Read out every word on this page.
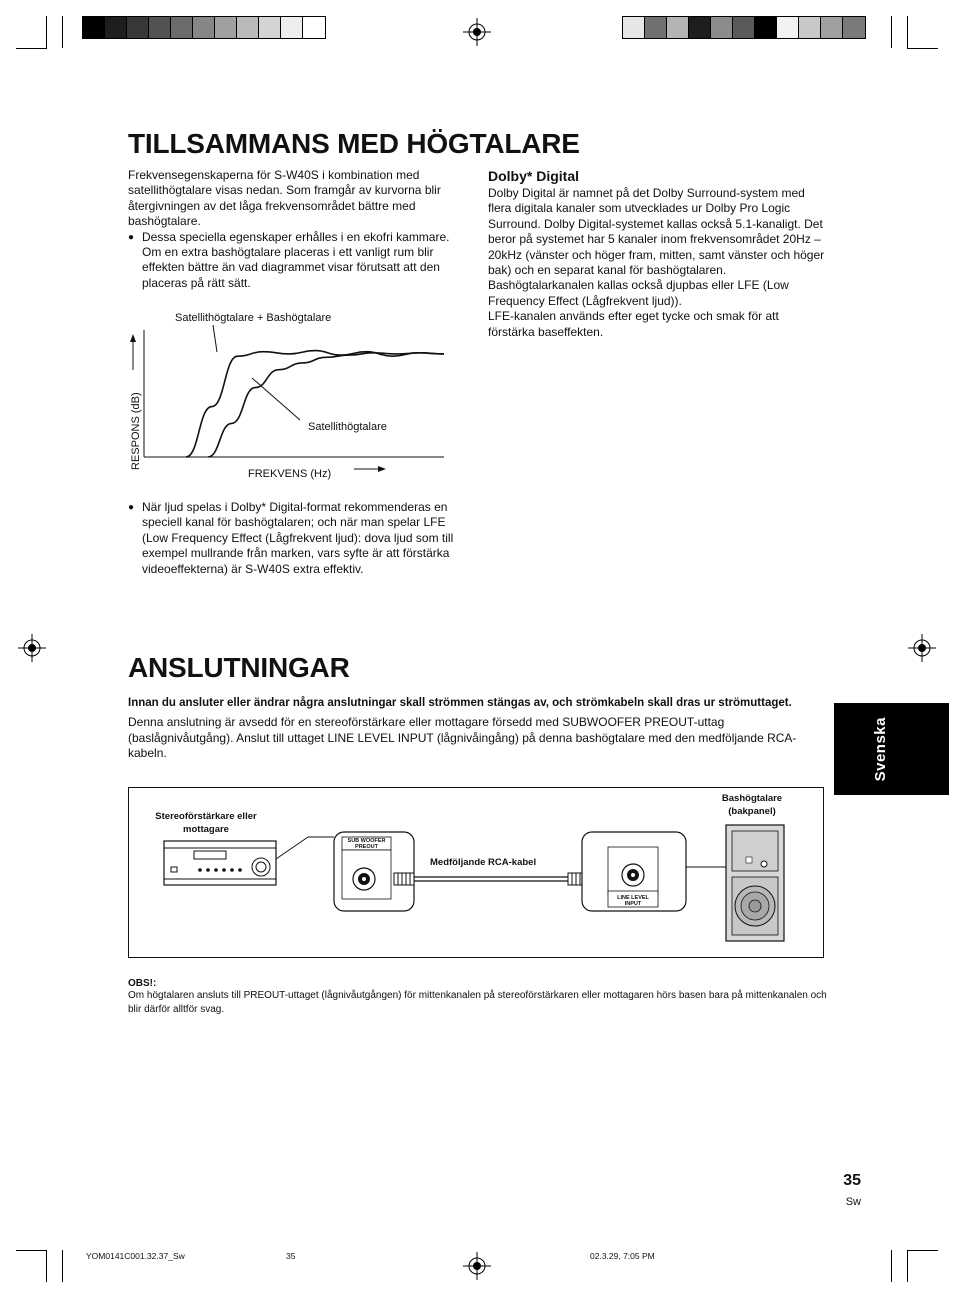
TILLSAMMANS MED HÖGTALARE

Frekvensegenskaperna för S-W40S i kombination med satellithögtalare visas nedan. Som framgår av kurvorna blir återgivningen av det låga frekvensområdet bättre med bashögtalare.

● Dessa speciella egenskaper erhålles i en ekofri kammare. Om en extra bashögtalare placeras i ett vanligt rum blir effekten bättre än vad diagrammet visar förutsatt att den placeras på rätt sätt.

Satellithögtalare + Bashögtalare
Satellithögtalare
RESPONS (dB)
FREKVENS (Hz)

● När ljud spelas i Dolby* Digital-format rekommenderas en speciell kanal för bashögtalaren; och när man spelar LFE (Low Frequency Effect (Lågfrekvent ljud): dova ljud som till exempel mullrande från marken, vars syfte är att förstärka videoeffekterna) är S-W40S extra effektiv.

Dolby* Digital

Dolby Digital är namnet på det Dolby Surround-system med flera digitala kanaler som utvecklades ur Dolby Pro Logic Surround. Dolby Digital-systemet kallas också 5.1-kanaligt. Det beror på systemet har 5 kanaler inom frekvensområdet 20Hz – 20kHz (vänster och höger fram, mitten, samt vänster och höger bak) och en separat kanal för bashögtalaren. Bashögtalarkanalen kallas också djupbas eller LFE (Low Frequency Effect (Lågfrekvent ljud)).

LFE-kanalen används efter eget tycke och smak för att förstärka baseffekten.

ANSLUTNINGAR

Innan du ansluter eller ändrar några anslutningar skall strömmen stängas av, och strömkabeln skall dras ur strömuttaget.

Denna anslutning är avsedd för en stereoförstärkare eller mottagare försedd med SUBWOOFER PREOUT-uttag (baslågnivåutgång). Anslut till uttaget LINE LEVEL INPUT (lågnivåingång) på denna bashögtalare med den medföljande RCA-kabeln.	Svenska
Stereoförstärkare eller mottagare
Medföljande RCA-kabel
Bashögtalare (bakpanel)
SUB WOOFER
PREOUT
LINE LEVEL
INPUT

OBS!:

Om högtalaren ansluts till PREOUT-uttaget (lågnivåutgången) för mittenkanalen på stereoförstärkaren eller mottagaren hörs basen bara på mittenkanalen och blir därför alltför svag.

35
Sw
YOM0141C001.32.37_Sw	35	02.3.29, 7:05 PM
